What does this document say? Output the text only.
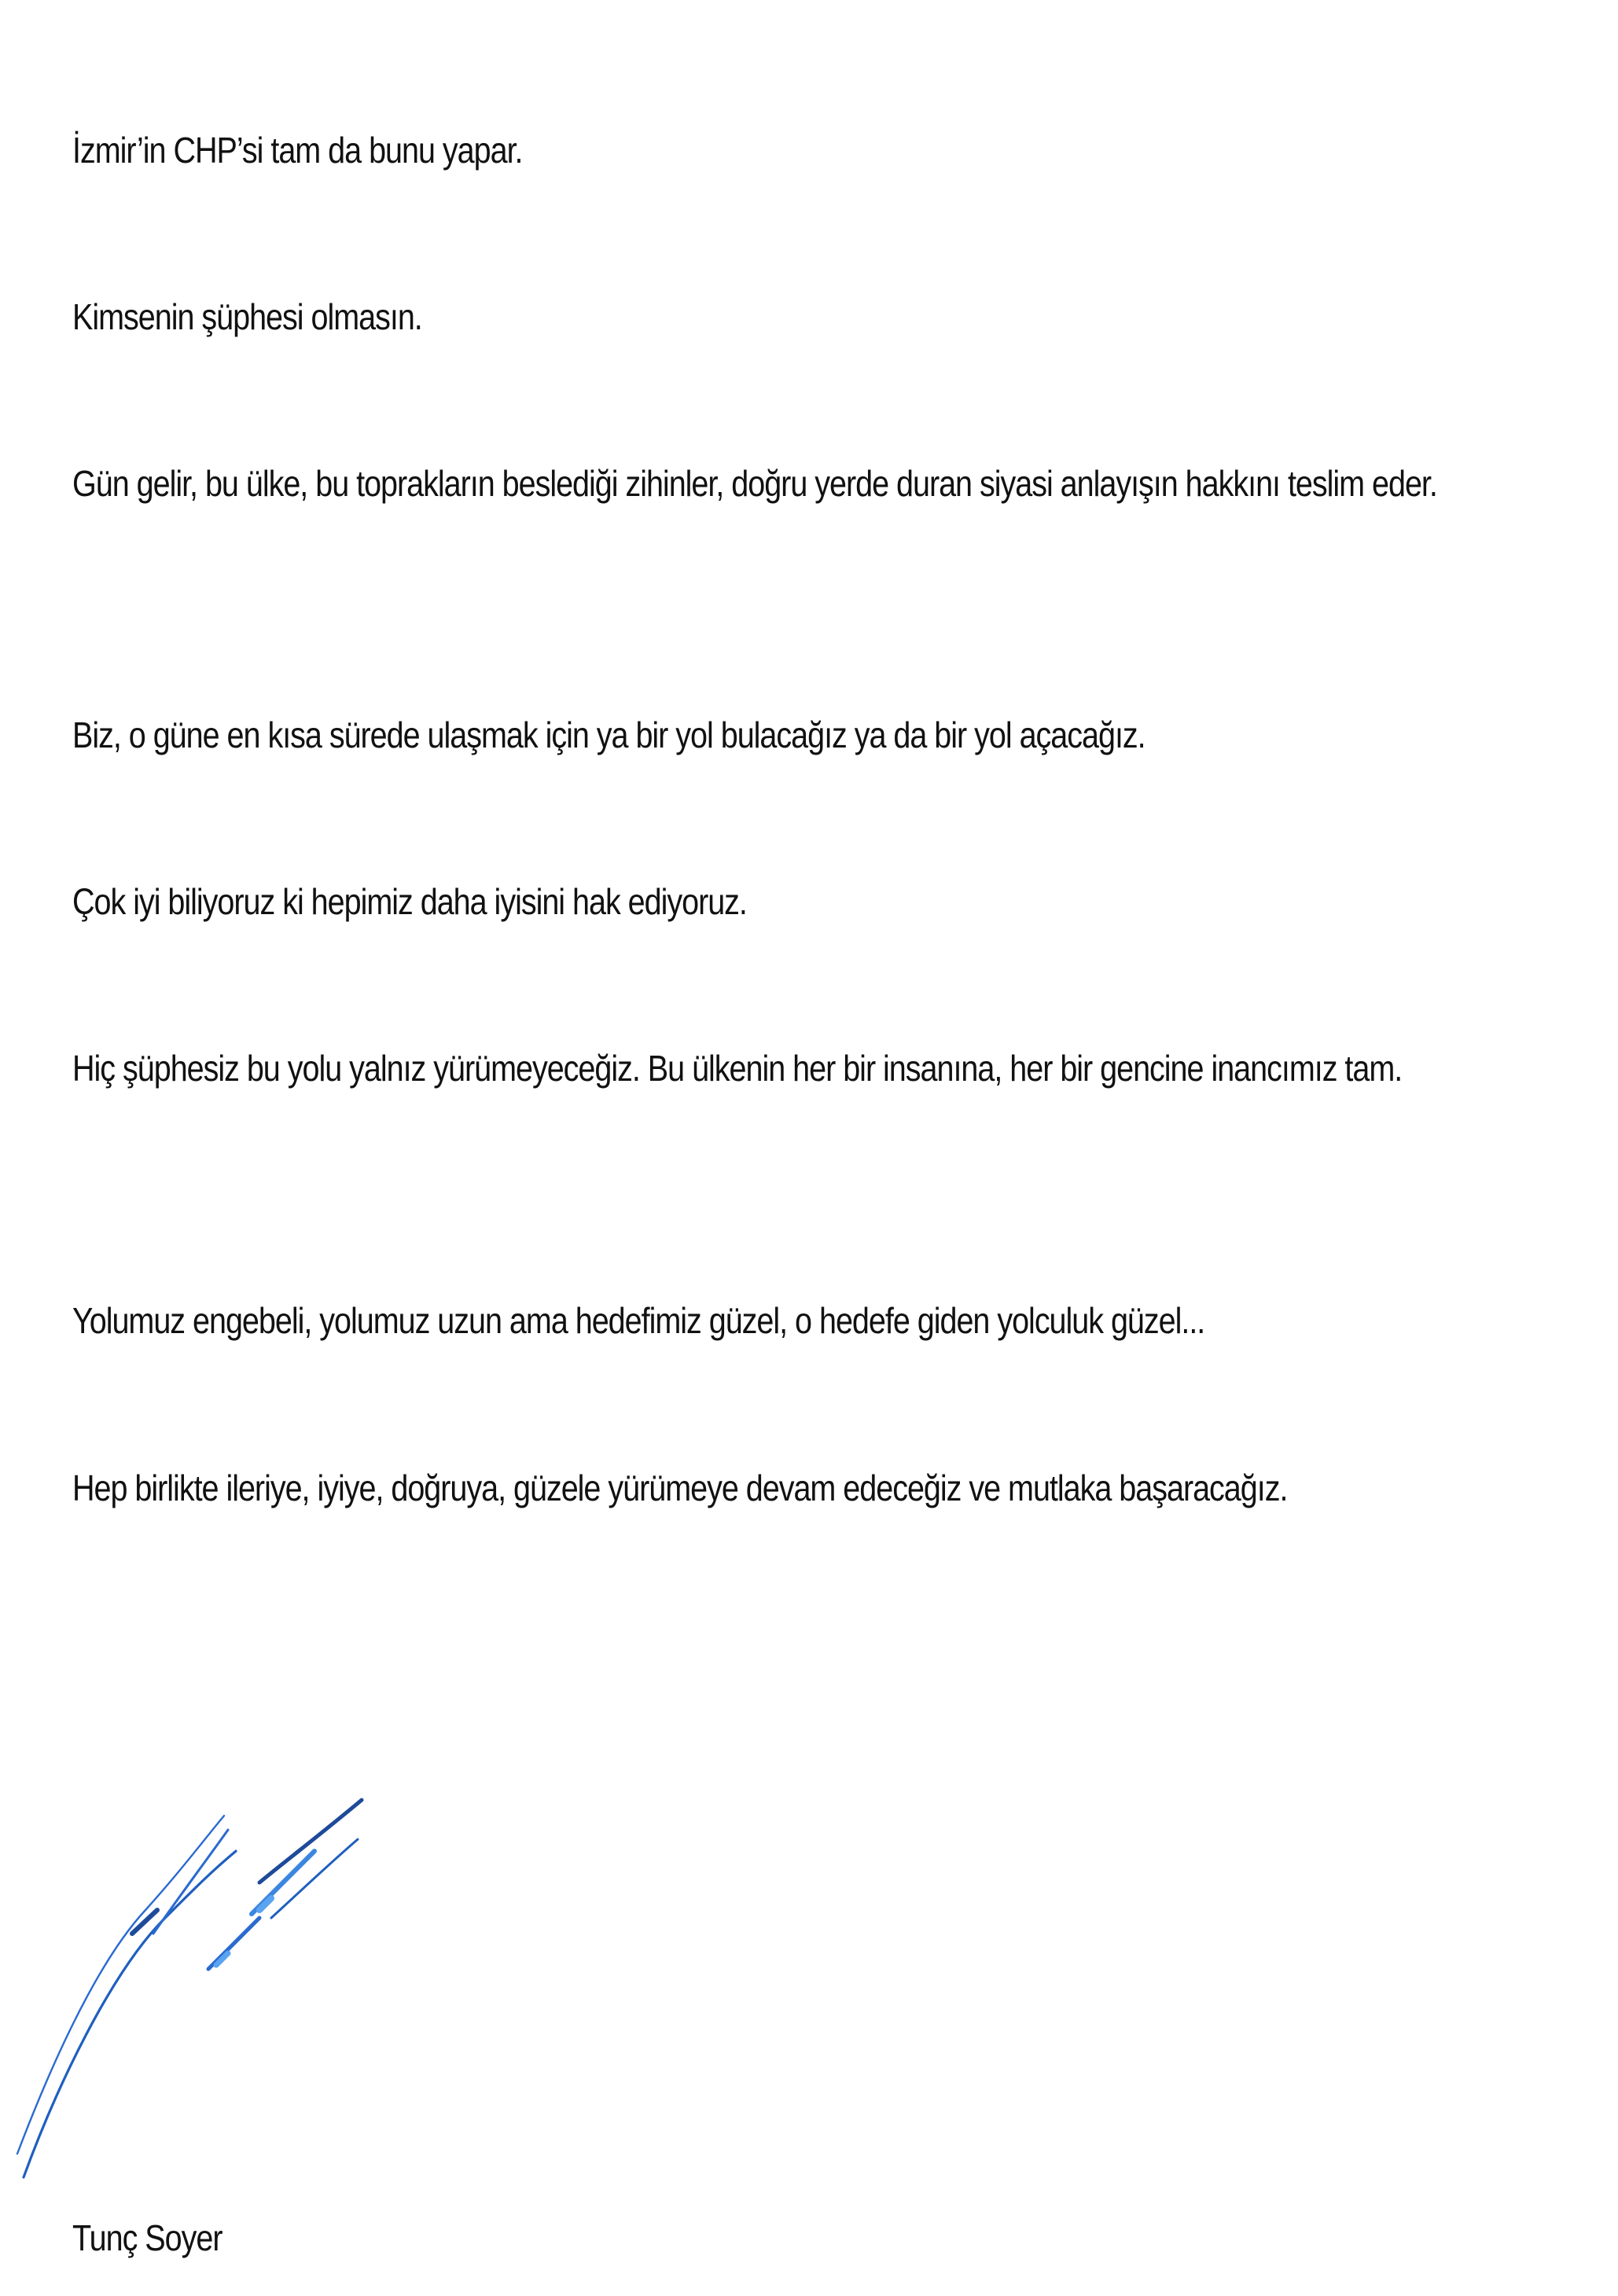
İzmir’in CHP’si tam da bunu yapar.

Kimsenin şüphesi olmasın.

Gün gelir, bu ülke, bu toprakların beslediği zihinler, doğru yerde duran siyasi anlayışın hakkını teslim eder.

Biz, o güne en kısa sürede ulaşmak için ya bir yol bulacağız ya da bir yol açacağız.

Çok iyi biliyoruz ki hepimiz daha iyisini hak ediyoruz.

Hiç şüphesiz bu yolu yalnız yürümeyeceğiz. Bu ülkenin her bir insanına, her bir gencine inancımız tam.

Yolumuz engebeli, yolumuz uzun ama hedefimiz güzel, o hedefe giden yolculuk güzel...

Hep birlikte ileriye, iyiye, doğruya, güzele yürümeye devam edeceğiz ve mutlaka başaracağız.

Tunç Soyer
